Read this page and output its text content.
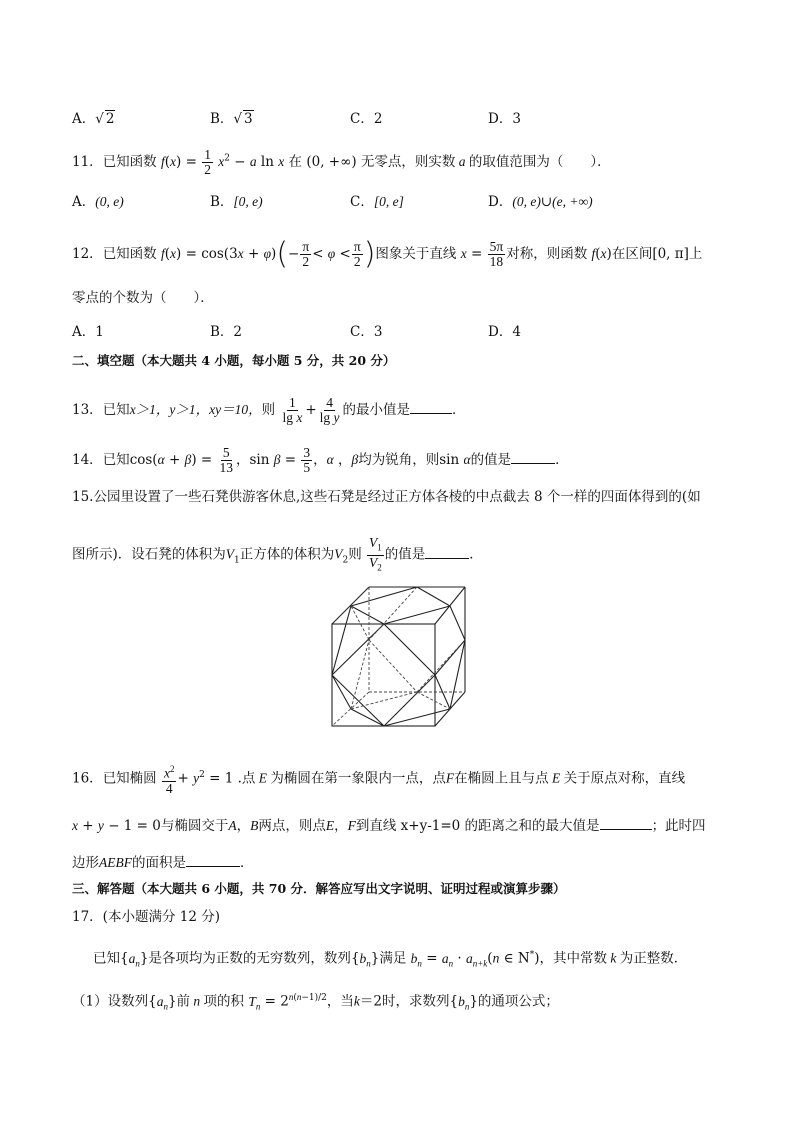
A．√ 2	B．√ 3	C．2	D．3
11．已知函数 $f(x) = \frac{1}{2} x^2 - a$ ln x 在 (0, +∞) 无零点，则实数 a 的取值范围为（　　）．
A．(0, e)	B．[0, e)	C．[0, e]	D．(0, e)∪(e, +∞)
12．已知函数 $f(x) = \cos(3x + \varphi)(- \frac{\pi}{2} < \varphi < \frac{\pi}{2}$ )图象关于直线 $x = \frac{5\pi}{18}$ 对称，则函数 f(x)在区间[0, π]上
零点的个数为（　　）．
A．1	B．2	C．3	D．4
二、填空题（本大题共 4 小题，每小题 5 分，共 20 分）
13．已知x＞1，y＞1，xy＝10，则 $\frac{1}{\text{lg x}} + \frac{4}{\text{lg y}}$ 的最小值是	．
14．已知$\cos(\alpha + \beta) = \frac{5}{13}$ ，$\sin \beta = \frac{3}{5}$ ，α ，β均为锐角，则sin α的值是	．
15.公园里设置了一些石凳供游客休息,这些石凳是经过正方体各棱的中点截去 8 个一样的四面体得到的(如
图所示)．设石凳的体积为$V_1$正方体的体积为$V_2$则 $\frac{V_1}{V_2}$ 的值是	．
16．已知椭圆 $\frac{x^2}{4} + y^2 = 1$ .点 E 为椭圆在第一象限内一点，点F在椭圆上且与点 E 关于原点对称，直线
x + y − 1 = 0与椭圆交于A，B两点，则点E，F到直线 x+y-1=0 的距离之和的最大值是	；此时四
边形AEBF的面积是	．
三、解答题（本大题共 6 小题，共 70 分．解答应写出文字说明、证明过程或演算步骤）
17．(本小题满分 12 分)
已知$\{a_n\}$是各项均为正数的无穷数列，数列$\{b_n\}$满足 $b_n = a_n \cdot a_{n+k}(n$ ∈ N*)，其中常数 k 为正整数．
（1）设数列$\{a_n\}$前 n 项的积 $T_n = 2^{n(n-1)/2}$，当k＝2时，求数列$\{b_n\}$的通项公式；
